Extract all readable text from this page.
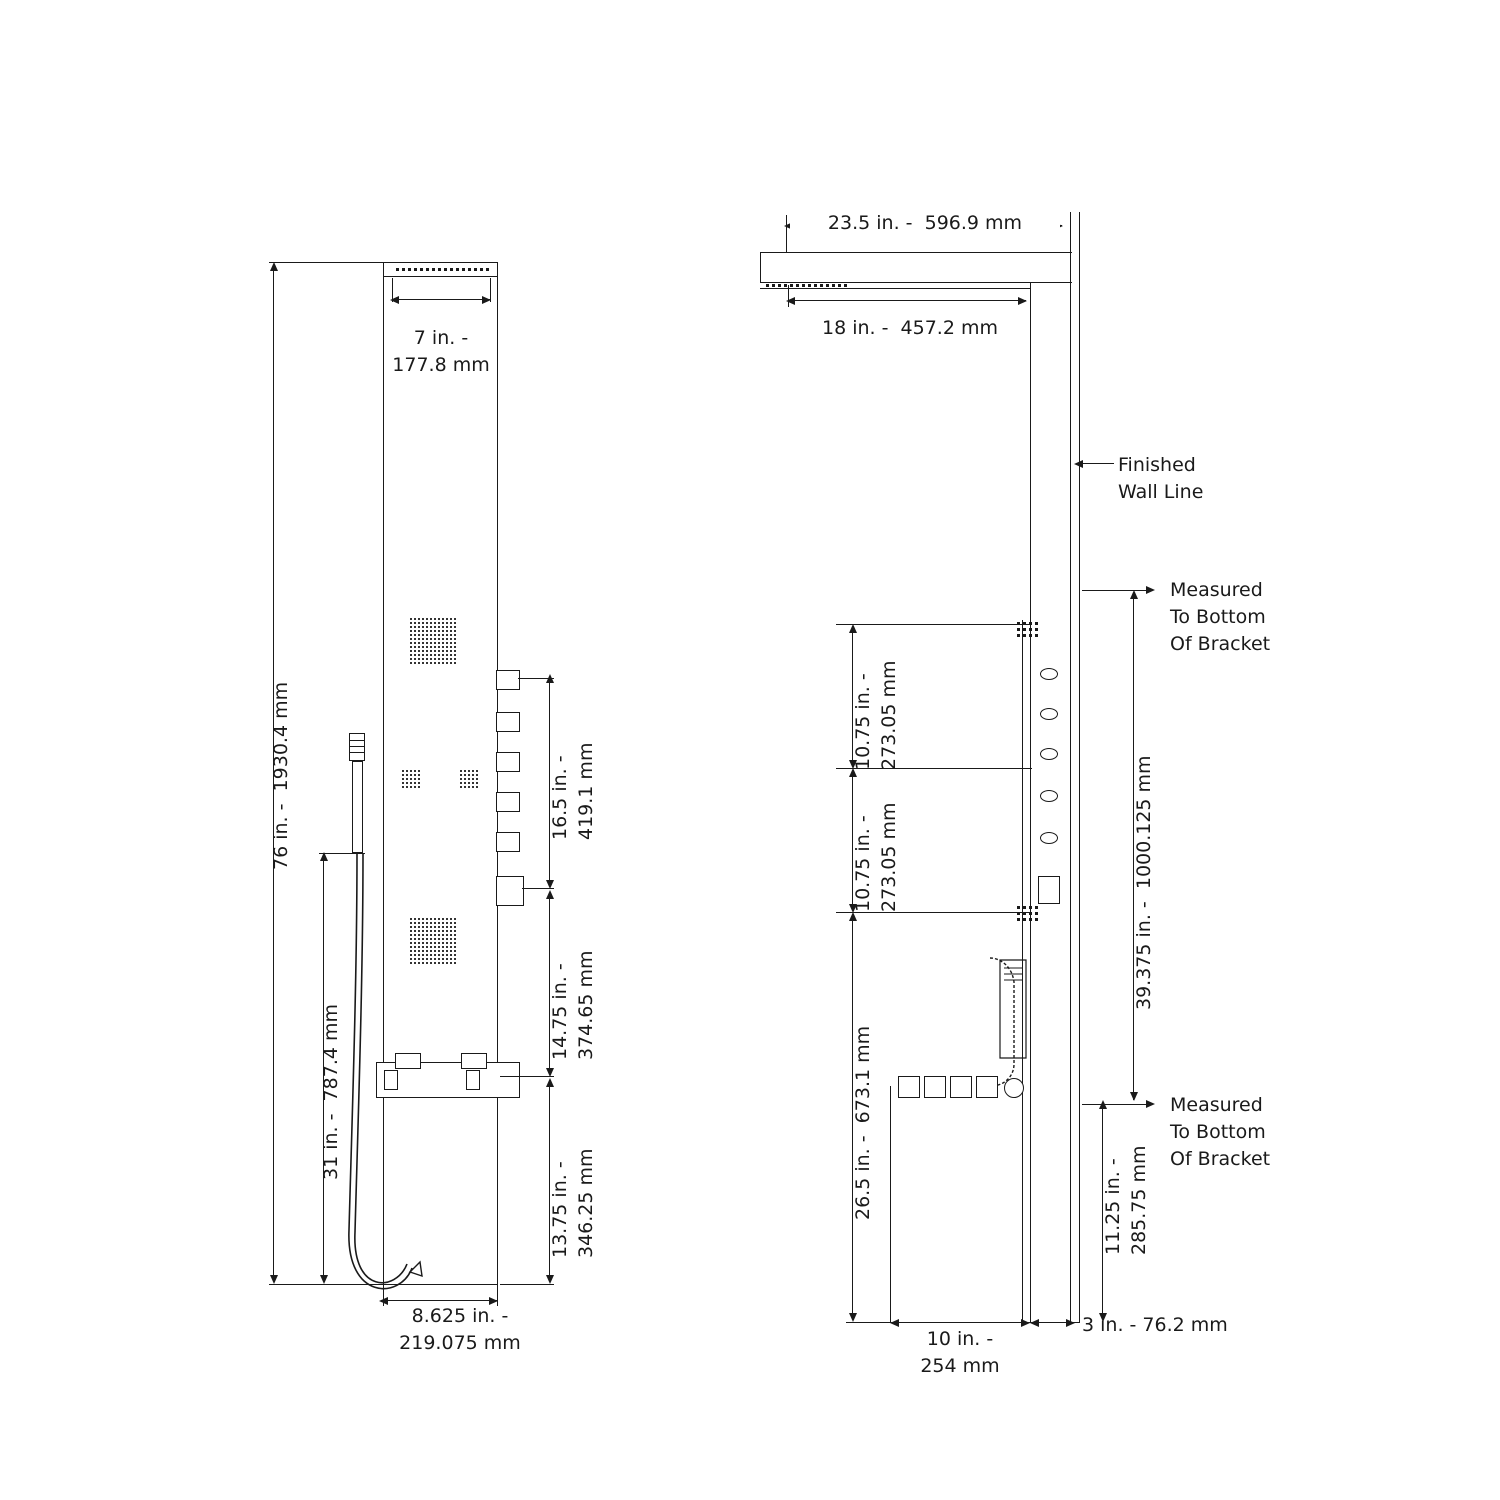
76 in. -  1930.4 mm
7 in. -
177.8 mm
31 in. -  787.4 mm
16.5 in. - 419.1 mm
14.75 in. - 374.65 mm
13.75 in. - 346.25 mm
8.625 in. -
219.075 mm
23.5 in. -  596.9 mm
18 in. -  457.2 mm
10.75 in. - 273.05 mm
10.75 in. - 273.05 mm
26.5 in. -  673.1 mm
39.375 in. -  1000.125 mm
11.25 in. - 285.75 mm
10 in. -
254 mm
3 in. - 76.2 mm
Finished
Wall Line
Measured
To Bottom
Of Bracket
Measured
To Bottom
Of Bracket
